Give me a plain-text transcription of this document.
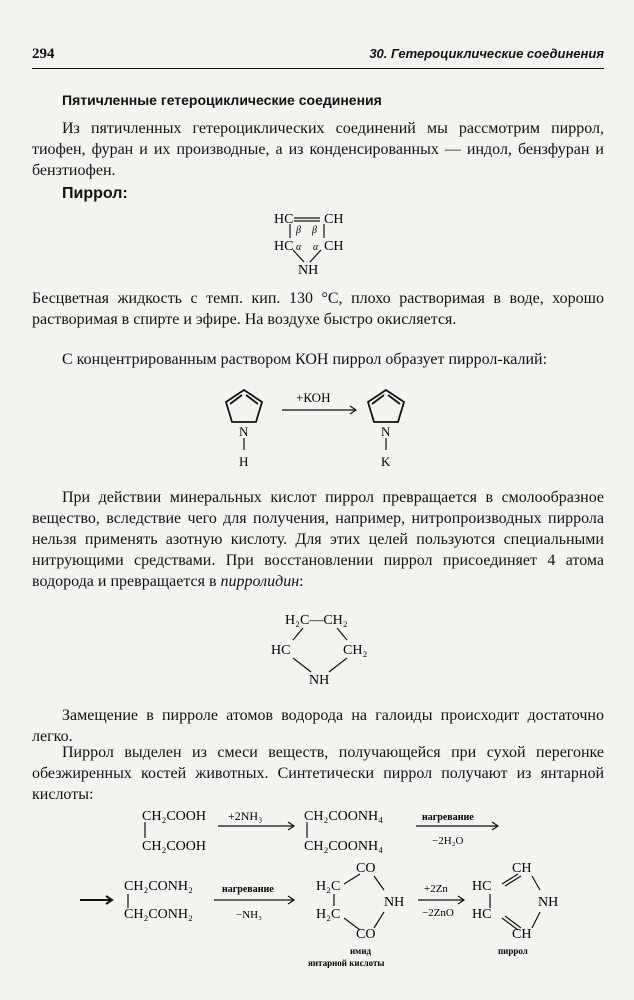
294	30. Гетероциклические соединения
Пятичленные гетероциклические соединения

Из пятичленных гетероциклических соединений мы рассмотрим пиррол, тиофен, фуран и их производные, а из конденсированных — индол, бензфуран и бензтиофен.

Пиррол:
HC CH
β β
HC CH
α α
NH

Бесцветная жидкость с темп. кип. 130 °С, плохо растворимая в воде, хорошо растворимая в спирте и эфире. На воздухе быстро окисляется.

С концентрированным раствором КОН пиррол образует пиррол-калий:

+КОН
N
H
N
K

При действии минеральных кислот пиррол превращается в смолообразное вещество, вследствие чего для получения, например, нитропроизводных пиррола нельзя применять азотную кислоту. Для этих целей пользуются специальными нитрующими средствами. При восстановлении пиррол присоединяет 4 атома водорода и превращается в пирролидин:

H₂C—CH₂
HC	CH₂
NH

Замещение в пирроле атомов водорода на галоиды происходит достаточно легко.

Пиррол выделен из смеси веществ, получающейся при сухой перегонке обезжиренных костей животных. Синтетически пиррол получают из янтарной кислоты:

CH₂COOH
CH₂COOH
+2NH₃	CH₂COONH₄
CH₂COONH₄
нагревание
−2H₂O
CH₂CONH₂
CH₂CONH₂
нагревание
−NH₃
CO
H₂C
NH
H₂C
CO
имид
янтарной кислоты
+2Zn
−2ZnO
CH
HC
NH
HC
CH
пиррол
